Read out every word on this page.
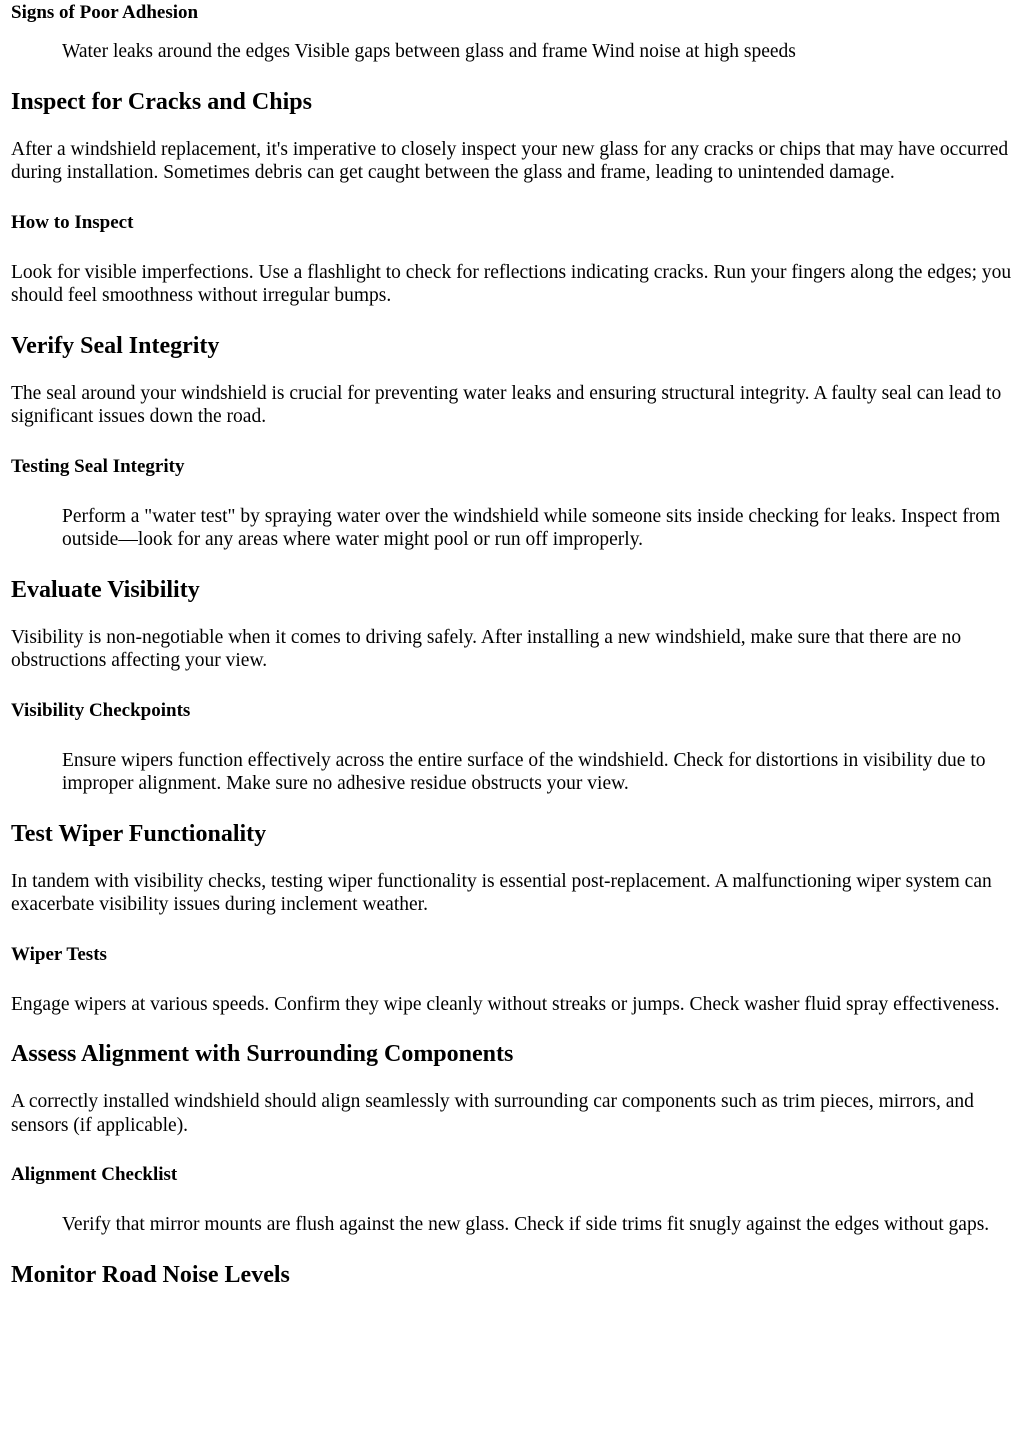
Signs of Poor Adhesion
Water leaks around the edges Visible gaps between glass and frame Wind noise at high speeds
Inspect for Cracks and Chips

After a windshield replacement, it's imperative to closely inspect your new glass for any cracks or chips that may have occurred during installation. Sometimes debris can get caught between the glass and frame, leading to unintended damage.

How to Inspect

Look for visible imperfections. Use a flashlight to check for reflections indicating cracks. Run your fingers along the edges; you should feel smoothness without irregular bumps.

Verify Seal Integrity

The seal around your windshield is crucial for preventing water leaks and ensuring structural integrity. A faulty seal can lead to significant issues down the road.

Testing Seal Integrity
Perform a "water test" by spraying water over the windshield while someone sits inside checking for leaks. Inspect from outside—look for any areas where water might pool or run off improperly.
Evaluate Visibility

Visibility is non-negotiable when it comes to driving safely. After installing a new windshield, make sure that there are no obstructions affecting your view.

Visibility Checkpoints
Ensure wipers function effectively across the entire surface of the windshield. Check for distortions in visibility due to improper alignment. Make sure no adhesive residue obstructs your view.
Test Wiper Functionality

In tandem with visibility checks, testing wiper functionality is essential post-replacement. A malfunctioning wiper system can exacerbate visibility issues during inclement weather.

Wiper Tests

Engage wipers at various speeds. Confirm they wipe cleanly without streaks or jumps. Check washer fluid spray effectiveness.

Assess Alignment with Surrounding Components

A correctly installed windshield should align seamlessly with surrounding car components such as trim pieces, mirrors, and sensors (if applicable).

Alignment Checklist
Verify that mirror mounts are flush against the new glass. Check if side trims fit snugly against the edges without gaps.
Monitor Road Noise Levels
